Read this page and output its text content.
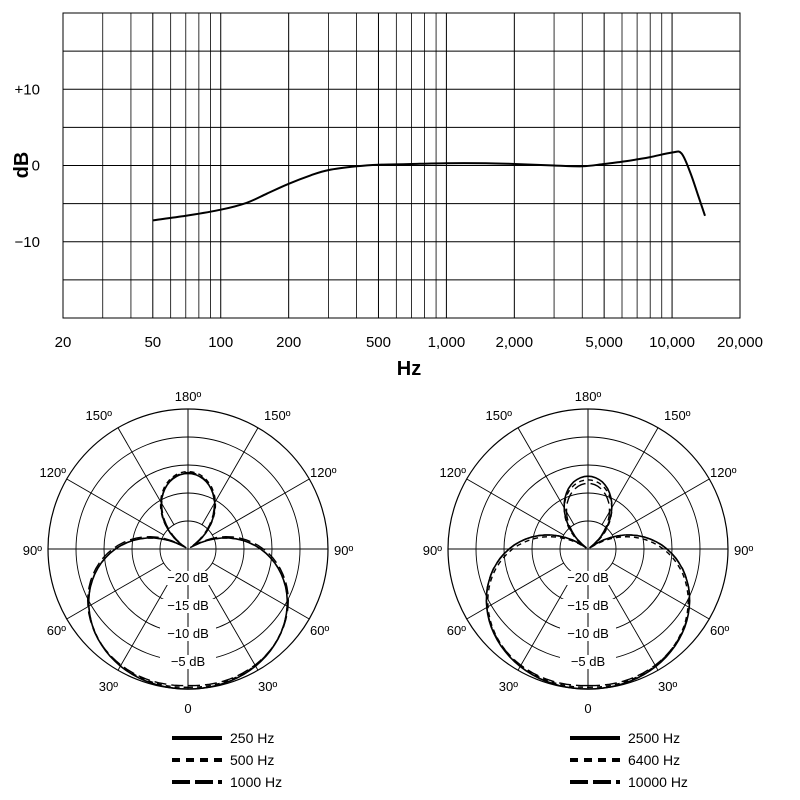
20	50	100	200	500 1,000 2,000	5,000 10,000 20,000
+10
0
−10
Hz
dB
180º
150º	150º
120º	120º
90º	90º
60º	60º
30º	30º
0
−20 dB
−15 dB
−10 dB
−5 dB
180º
150º	150º
120º	120º
90º	90º
60º	60º
30º	30º
0
−20 dB
−15 dB
−10 dB
−5 dB
250 Hz
500 Hz
1000 Hz
2500 Hz
6400 Hz
10000 Hz
